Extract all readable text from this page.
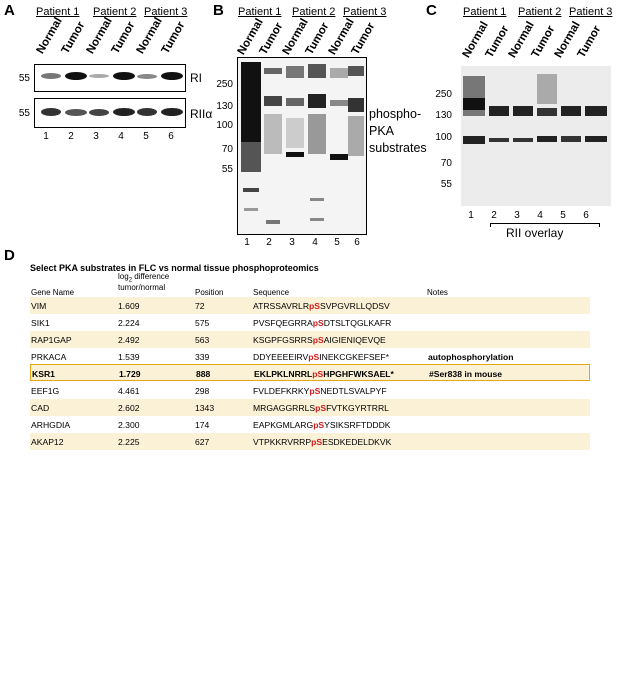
A Patient 1 Patient 2 Patient 3
Normal
Tumor
Normal
Tumor
Normal
Tumor
55	RI
55	RIIα
1	2	3	4	5	6
B Patient 1 Patient 2 Patient 3
Normal
Tumor
Normal
Tumor
Normal
Tumor
250
130
100
70
55
phospho-
PKA
substrates
1	2	3	4	5	6
C Patient 1 Patient 2 Patient 3
Normal
Tumor
Normal
Tumor
Normal
Tumor
250
130
100
70
55
1	2	3	4	5	6
RII overlay
D
Select PKA substrates in FLC vs normal tissue phosphoproteomics
Gene Name
$\log_2$ difference
tumor/normal
Position	Sequence	Notes
VIM	1.609	72	ATRSSAVRLRpSSVPGVRLLQDSV
SIK1	2.224	575	PVSFQEGRRApSDTSLTQGLKAFR
RAP1GAP	2.492	563	KSGPFGSRRSpSAIGIENIQEVQE
PRKACA	1.539	339	DDYEEEEIRVpSINEKCGKEFSEF*	autophosphorylation
KSR1	1.729	888	EKLPKLNRRLpSHPGHFWKSAEL*	#Ser838 in mouse
EEF1G	4.461	298	FVLDEFKRKYpSNEDTLSVALPYF
CAD	2.602	1343	MRGAGGRRLSpSFVTKGYRTRRL
ARHGDIA	2.300	174	EAPKGMLARGpSYSIKSRFTDDDK
AKAP12	2.225	627	VTPKKRVRRPpSESDKEDELDKVK
